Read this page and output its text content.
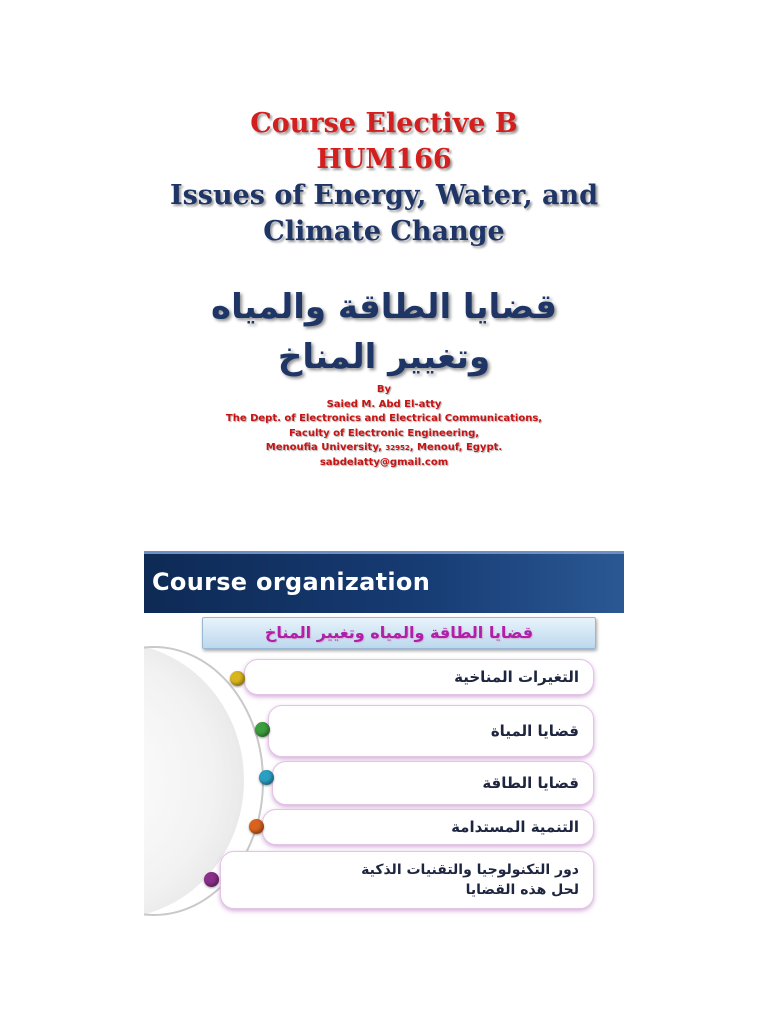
Course Elective B
HUM166
Issues of Energy, Water, and
Climate Change
قضايا الطاقة والمياه
وتغيير المناخ
By
Saied M. Abd El-atty
The Dept. of Electronics and Electrical Communications,
Faculty of Electronic Engineering,
Menoufia University, 32952, Menouf, Egypt.
sabdelatty@gmail.com
Course organization
قضايا الطاقة والمياه وتغيير المناخ
التغيرات المناخية
قضايا المياة
قضايا الطاقة
التنمية المستدامة
دور التكنولوجيا والتقنيات الذكية
لحل هذه القضايا
